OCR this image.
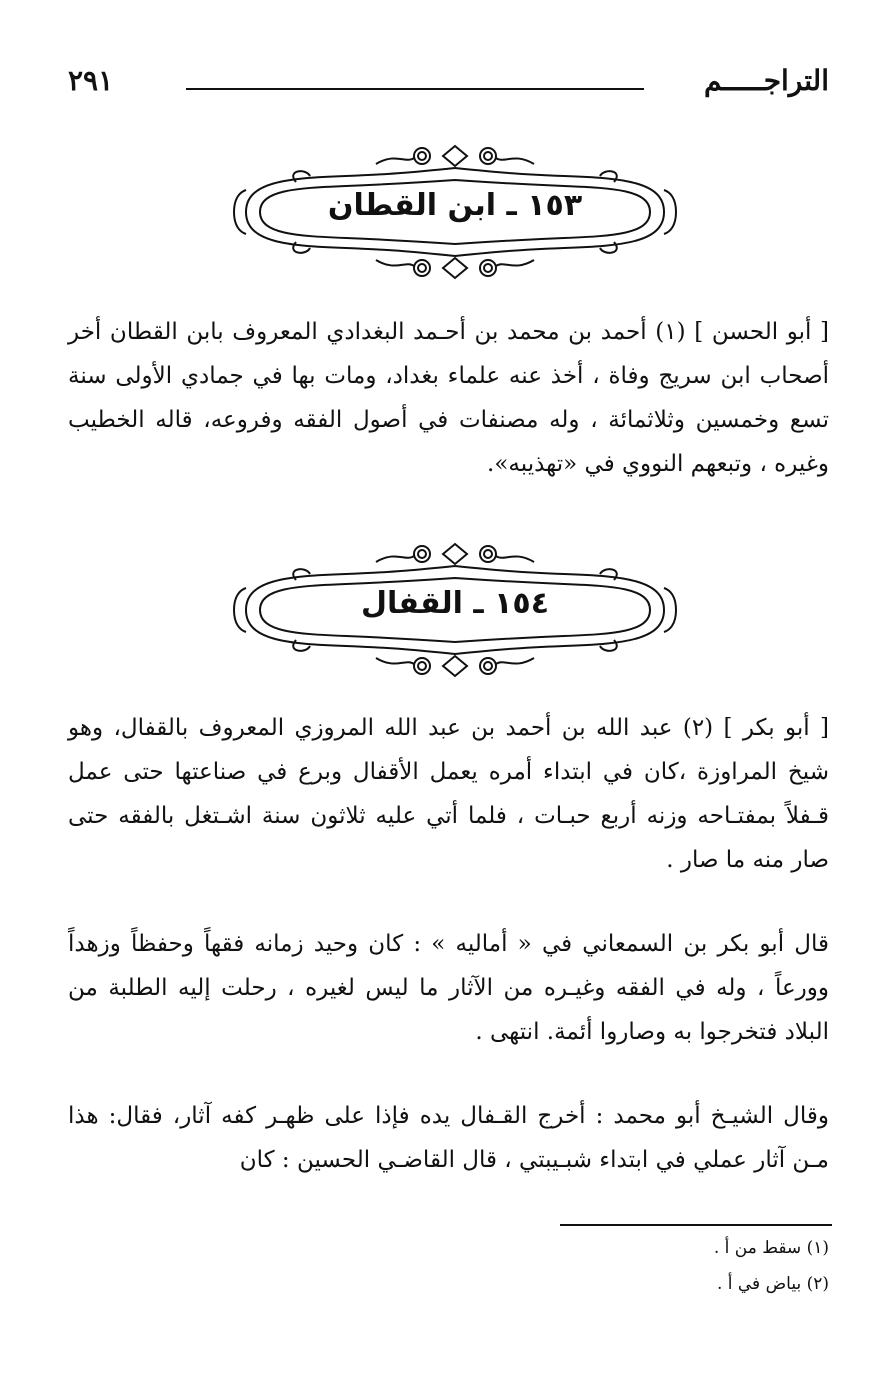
التراجـــــم
٢٩١
١٥٣ ـ ابن القطان
[ أبو الحسن ] (١) أحمد بن محمد بن أحـمد البغدادي المعروف بابن القطان أخر أصحاب ابن سريج وفاة ، أخذ عنه علماء بغداد، ومات بها في جمادي الأولى سنة تسع وخمسين وثلاثمائة ، وله مصنفات في أصول الفقه وفروعه، قاله الخطيب وغيره ، وتبعهم النووي في «تهذيبه».
١٥٤ ـ القفال
[ أبو بكر ] (٢) عبد الله بن أحمد بن عبد الله المروزي المعروف بالقفال، وهو شيخ المراوزة ،كان في ابتداء أمره يعمل الأقفال وبرع في صناعتها حتى عمل قـفلاً بمفتـاحه وزنه أربع حبـات ، فلما أتي عليه ثلاثون سنة اشـتغل بالفقه حتى صار منه ما صار .
قال أبو بكر بن السمعاني في « أماليه » : كان وحيد زمانه فقهاً وحفظاً وزهداً وورعاً ، وله في الفقه وغيـره من الآثار ما ليس لغيره ، رحلت إليه الطلبة من البلاد فتخرجوا به وصاروا أئمة. انتهى .
وقال الشيـخ أبو محمد : أخرج القـفال يده فإذا على ظهـر كفه آثار، فقال: هذا مـن آثار عملي في ابتداء شبـيبتي ، قال القاضـي الحسين : كان
(١) سقط من أ .
(٢) بياض في أ .
